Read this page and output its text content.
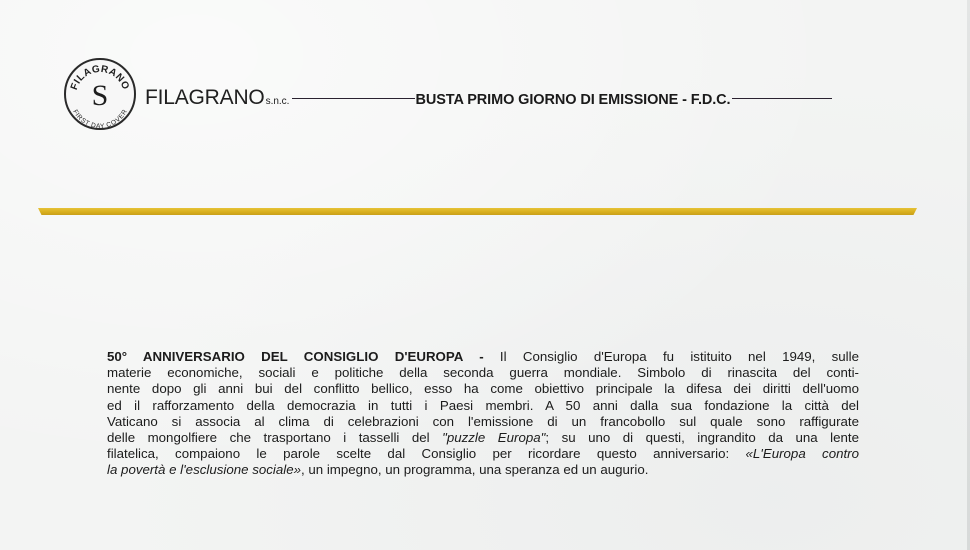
FILAGRANO
S
FIRST DAY COVER
FILAGRANO s.n.c.	BUSTA PRIMO GIORNO DI EMISSIONE - F.D.C.
50° ANNIVERSARIO DEL CONSIGLIO D'EUROPA - Il Consiglio d'Europa fu istituito nel 1949, sulle
materie economiche, sociali e politiche della seconda guerra mondiale. Simbolo di rinascita del conti-
nente dopo gli anni bui del conflitto bellico, esso ha come obiettivo principale la difesa dei diritti dell'uomo
ed il rafforzamento della democrazia in tutti i Paesi membri. A 50 anni dalla sua fondazione la città del
Vaticano si associa al clima di celebrazioni con l'emissione di un francobollo sul quale sono raffigurate
delle mongolfiere che trasportano i tasselli del "puzzle Europa"; su uno di questi, ingrandito da una lente
filatelica, compaiono le parole scelte dal Consiglio per ricordare questo anniversario: «L'Europa contro
la povertà e l'esclusione sociale», un impegno, un programma, una speranza ed un augurio.
